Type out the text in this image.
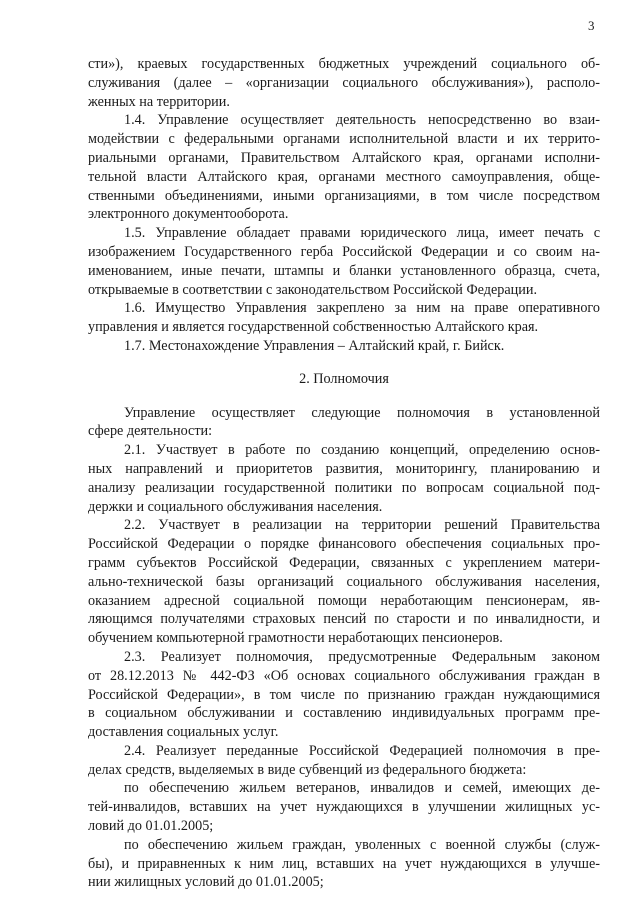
3
сти»), краевых государственных бюджетных учреждений социального об-
служивания (далее – «организации социального обслуживания»), располо-
женных на территории.
1.4. Управление осуществляет деятельность непосредственно во взаи-
модействии с федеральными органами исполнительной власти и их террито-
риальными органами, Правительством Алтайского края, органами исполни-
тельной власти Алтайского края, органами местного самоуправления, обще-
ственными объединениями, иными организациями, в том числе посредством
электронного документооборота.
1.5. Управление обладает правами юридического лица, имеет печать с
изображением Государственного герба Российской Федерации и со своим на-
именованием, иные печати, штампы и бланки установленного образца, счета,
открываемые в соответствии с законодательством Российской Федерации.
1.6. Имущество Управления закреплено за ним на праве оперативного
управления и является государственной собственностью Алтайского края.
1.7. Местонахождение Управления – Алтайский край, г. Бийск.
2. Полномочия
Управление осуществляет следующие полномочия в установленной
сфере деятельности:
2.1. Участвует в работе по созданию концепций, определению основ-
ных направлений и приоритетов развития, мониторингу, планированию и
анализу реализации государственной политики по вопросам социальной под-
держки и социального обслуживания населения.
2.2. Участвует в реализации на территории решений Правительства
Российской Федерации о порядке финансового обеспечения социальных про-
грамм субъектов Российской Федерации, связанных с укреплением матери-
ально-технической базы организаций социального обслуживания населения,
оказанием адресной социальной помощи неработающим пенсионерам, яв-
ляющимся получателями страховых пенсий по старости и по инвалидности, и
обучением компьютерной грамотности неработающих пенсионеров.
2.3. Реализует полномочия, предусмотренные Федеральным законом
от 28.12.2013 № 442-ФЗ «Об основах социального обслуживания граждан в
Российской Федерации», в том числе по признанию граждан нуждающимися
в социальном обслуживании и составлению индивидуальных программ пре-
доставления социальных услуг.
2.4. Реализует переданные Российской Федерацией полномочия в пре-
делах средств, выделяемых в виде субвенций из федерального бюджета:
по обеспечению жильем ветеранов, инвалидов и семей, имеющих де-
тей-инвалидов, вставших на учет нуждающихся в улучшении жилищных ус-
ловий до 01.01.2005;
по обеспечению жильем граждан, уволенных с военной службы (служ-
бы), и приравненных к ним лиц, вставших на учет нуждающихся в улучше-
нии жилищных условий до 01.01.2005;
